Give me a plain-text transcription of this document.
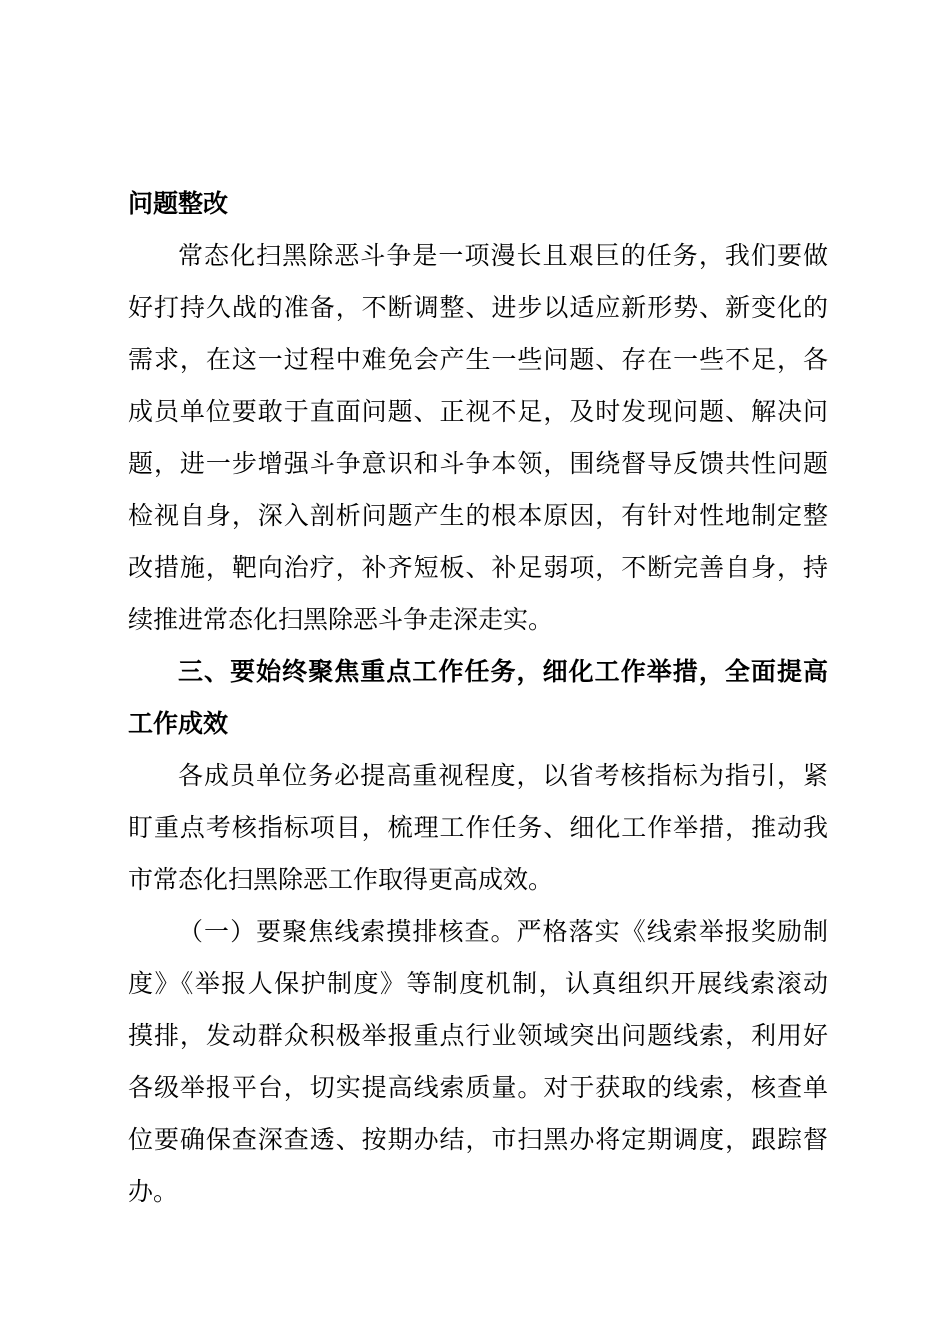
问题整改
常态化扫黑除恶斗争是一项漫长且艰巨的任务，我们要做
好打持久战的准备，不断调整、进步以适应新形势、新变化的
需求，在这一过程中难免会产生一些问题、存在一些不足，各
成员单位要敢于直面问题、正视不足，及时发现问题、解决问
题，进一步增强斗争意识和斗争本领，围绕督导反馈共性问题
检视自身，深入剖析问题产生的根本原因，有针对性地制定整
改措施，靶向治疗，补齐短板、补足弱项，不断完善自身，持
续推进常态化扫黑除恶斗争走深走实。
三、要始终聚焦重点工作任务，细化工作举措，全面提高
工作成效
各成员单位务必提高重视程度，以省考核指标为指引，紧
盯重点考核指标项目，梳理工作任务、细化工作举措，推动我
市常态化扫黑除恶工作取得更高成效。
（一）要聚焦线索摸排核查。严格落实《线索举报奖励制
度》《举报人保护制度》等制度机制，认真组织开展线索滚动
摸排，发动群众积极举报重点行业领域突出问题线索，利用好
各级举报平台，切实提高线索质量。对于获取的线索，核查单
位要确保查深查透、按期办结，市扫黑办将定期调度，跟踪督
办。
